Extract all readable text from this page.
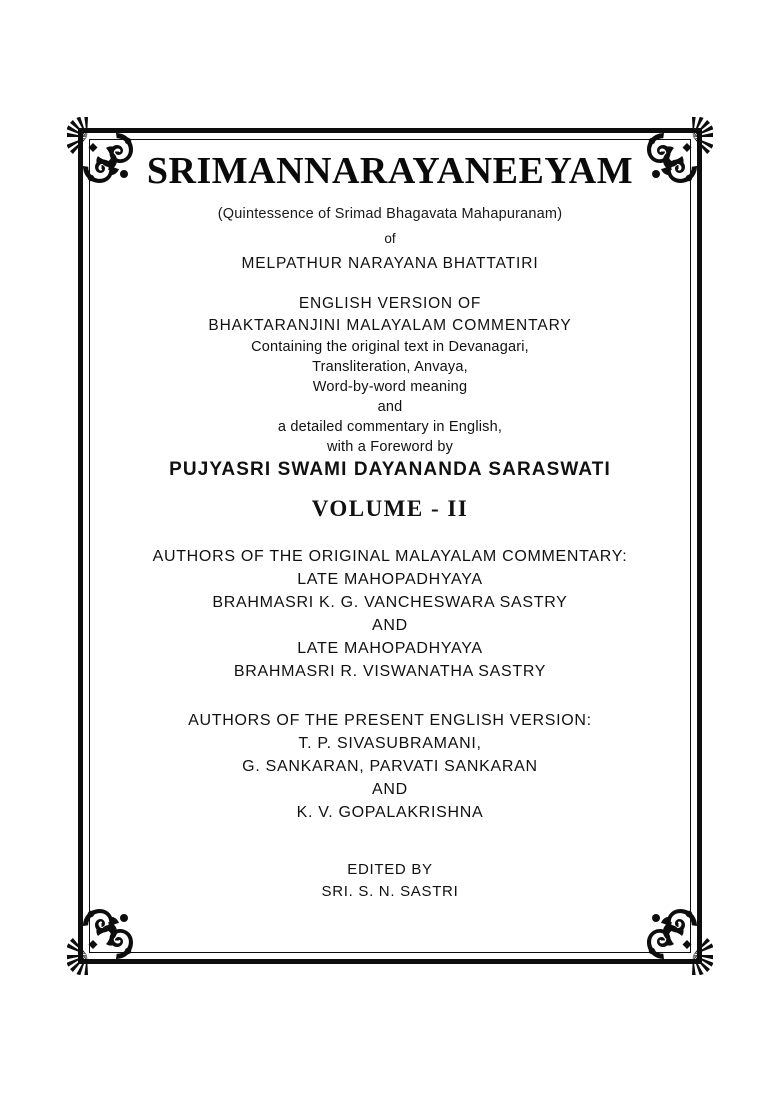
SRIMANNARAYANEEYAM

(Quintessence of Srimad Bhagavata Mahapuranam)

of

MELPATHUR NARAYANA BHATTATIRI

ENGLISH VERSION OF

BHAKTARANJINI MALAYALAM COMMENTARY

Containing the original text in Devanagari,

Transliteration, Anvaya,

Word-by-word meaning

and

a detailed commentary in English,

with a Foreword by

PUJYASRI SWAMI DAYANANDA SARASWATI

VOLUME - II

AUTHORS OF THE ORIGINAL MALAYALAM COMMENTARY:

LATE MAHOPADHYAYA

BRAHMASRI K. G. VANCHESWARA SASTRY

AND

LATE MAHOPADHYAYA

BRAHMASRI R. VISWANATHA SASTRY

AUTHORS OF THE PRESENT ENGLISH VERSION:

T. P. SIVASUBRAMANI,

G. SANKARAN, PARVATI SANKARAN

AND

K. V. GOPALAKRISHNA

EDITED BY

SRI. S. N. SASTRI
